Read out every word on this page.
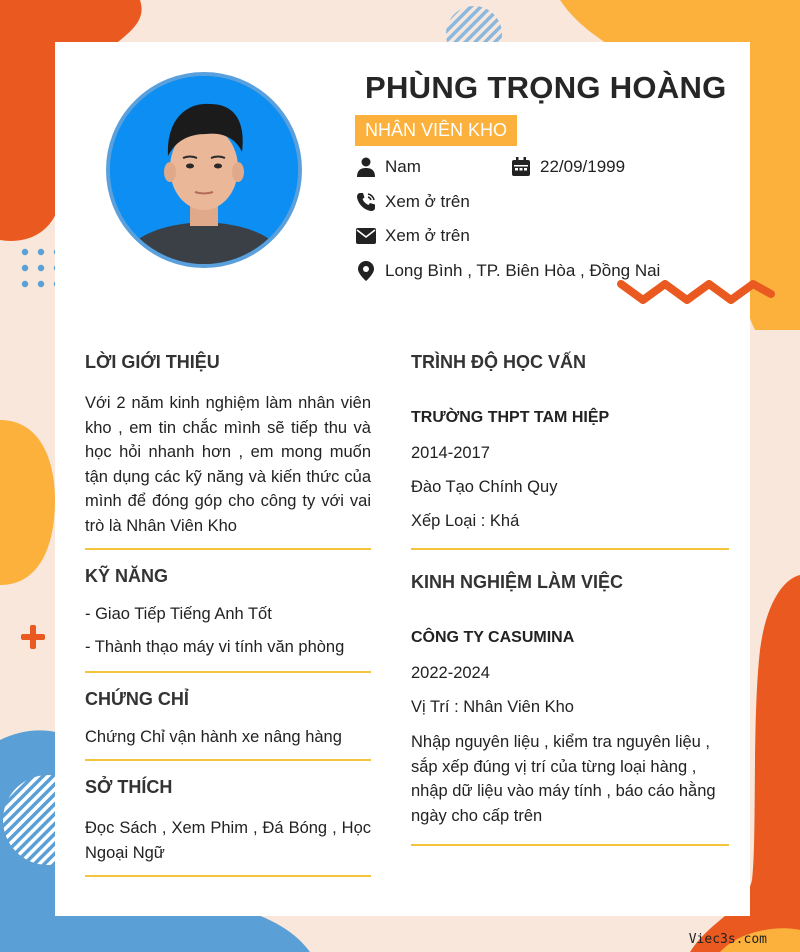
PHÙNG TRỌNG HOÀNG
NHÂN VIÊN KHO
Nam	22/09/1999
Xem ở trên
Xem ở trên
Long Bình , TP. Biên Hòa , Đồng Nai
LỜI GIỚI THIỆU
Với 2 năm kinh nghiệm làm nhân viên kho , em tin chắc mình sẽ tiếp thu và học hỏi nhanh hơn , em mong muốn tận dụng các kỹ năng và kiến thức của mình để đóng góp cho công ty với vai trò là Nhân Viên Kho
KỸ NĂNG
- Giao Tiếp Tiếng Anh Tốt
- Thành thạo máy vi tính văn phòng
CHỨNG CHỈ
Chứng Chỉ vận hành xe nâng hàng
SỞ THÍCH
Đọc Sách , Xem Phim , Đá Bóng , Học Ngoại Ngữ
TRÌNH ĐỘ HỌC VẤN
TRƯỜNG THPT TAM HIỆP
2014-2017
Đào Tạo Chính Quy
Xếp Loại : Khá
KINH NGHIỆM LÀM VIỆC
CÔNG TY CASUMINA
2022-2024
Vị Trí : Nhân Viên Kho
Nhập nguyên liệu , kiểm tra nguyên liệu , sắp xếp đúng vị trí của từng loại hàng , nhập dữ liệu vào máy tính , báo cáo hằng ngày cho cấp trên
Viec3s.com
